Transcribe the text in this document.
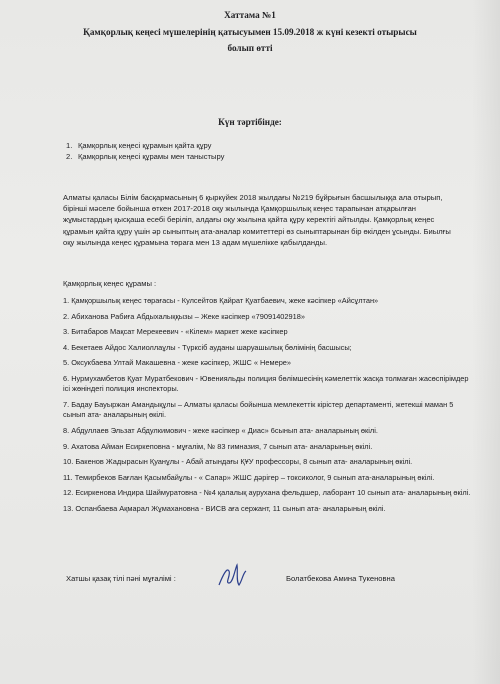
Хаттама №1
Қамқорлық кеңесі мүшелерінің қатысуымен 15.09.2018 ж күні кезекті отырысы
болып өтті
Күн тәртібінде:
1. Қамқорлық кеңесі құрамын қайта құру
2. Қамқорлық кеңесі құрамы мен таныстыру
Алматы қаласы Білім басқармасының 6 қыркүйек 2018 жылдағы №219 бұйрығын басшылыққа ала отырып, бірінші мәселе бойынша өткен 2017-2018 оқу жылында Қамқоршылық кеңес тарапынан атқарылған жұмыстардың қысқаша есебі беріліп, алдағы оқу жылына қайта құру керектігі айтылды. Қамқорлық кеңес құрамын қайта құру үшін әр сыныптың ата-аналар комитеттері өз сыныптарынан бір өкілден ұсынды. Биылғы оқу жылында кеңес құрамына төрага мен 13 адам мүшелікке қабылданды.
Қамқорлық кеңес құрамы :
1. Қамқоршылық кеңес төрағасы - Кулсейтов Қайрат Қуатбаевич, жеке кәсіпкер «Айсұлтан»
2. Абиханова Рабиға Абдыхалыққызы – Жеке кәсіпкер «79091402918»
3. Битабаров Мақсат Мерекеевич - «Кілем» маркет жеке кәсіпкер
4. Бекетаев Айдос Халиоллаұлы - Түрксіб ауданы шаруашылық бөлімінің басшысы;
5. Оксукбаева Ултай Макашевна - жеке кәсіпкер, ЖШС « Немере»
6. Нурмухамбетов Қуат Муратбекович - Ювенияльды полиция бөлімшесінің кәмелеттік жасқа толмаған жасөспірімдер ісі жөніндегі полиция инспекторы.
7. Бадау Бауыржан Амандықұлы – Алматы қаласы бойынша мемлекеттік кірістер департаменті, жетекші маман 5 сынып ата- аналарының өкілі.
8. Абдуллаев Эльзат Абдулкимович - жеке кәсіпкер « Диас» 6сынып ата- аналарының өкілі.
9. Ахатова Айман Есиркеповна - мұғалім, № 83 гимназия, 7 сынып ата- аналарының өкілі.
10. Бакенов Жадырасын Қуанұлы - Абай атындағы ҚҰУ профессоры, 8 сынып ата- аналарының өкілі.
11. Темирбеков Бағлан Қасымбайұлы - « Сапар» ЖШС дәрігер – токсиколог, 9 сынып ата-аналарының өкілі.
12. Есиркенова Индира Шаймуратовна - №4 қалалық аурухана фельдшер, лаборант 10 сынып ата- аналарының өкілі.
13. Оспанбаева Ақмарал Жұмахановна - ВИСВ аға сержант, 11 сынып ата- аналарының өкілі.
Хатшы қазақ тілі пәні мұғалімі :	Болатбекова Амина Тукеновна
